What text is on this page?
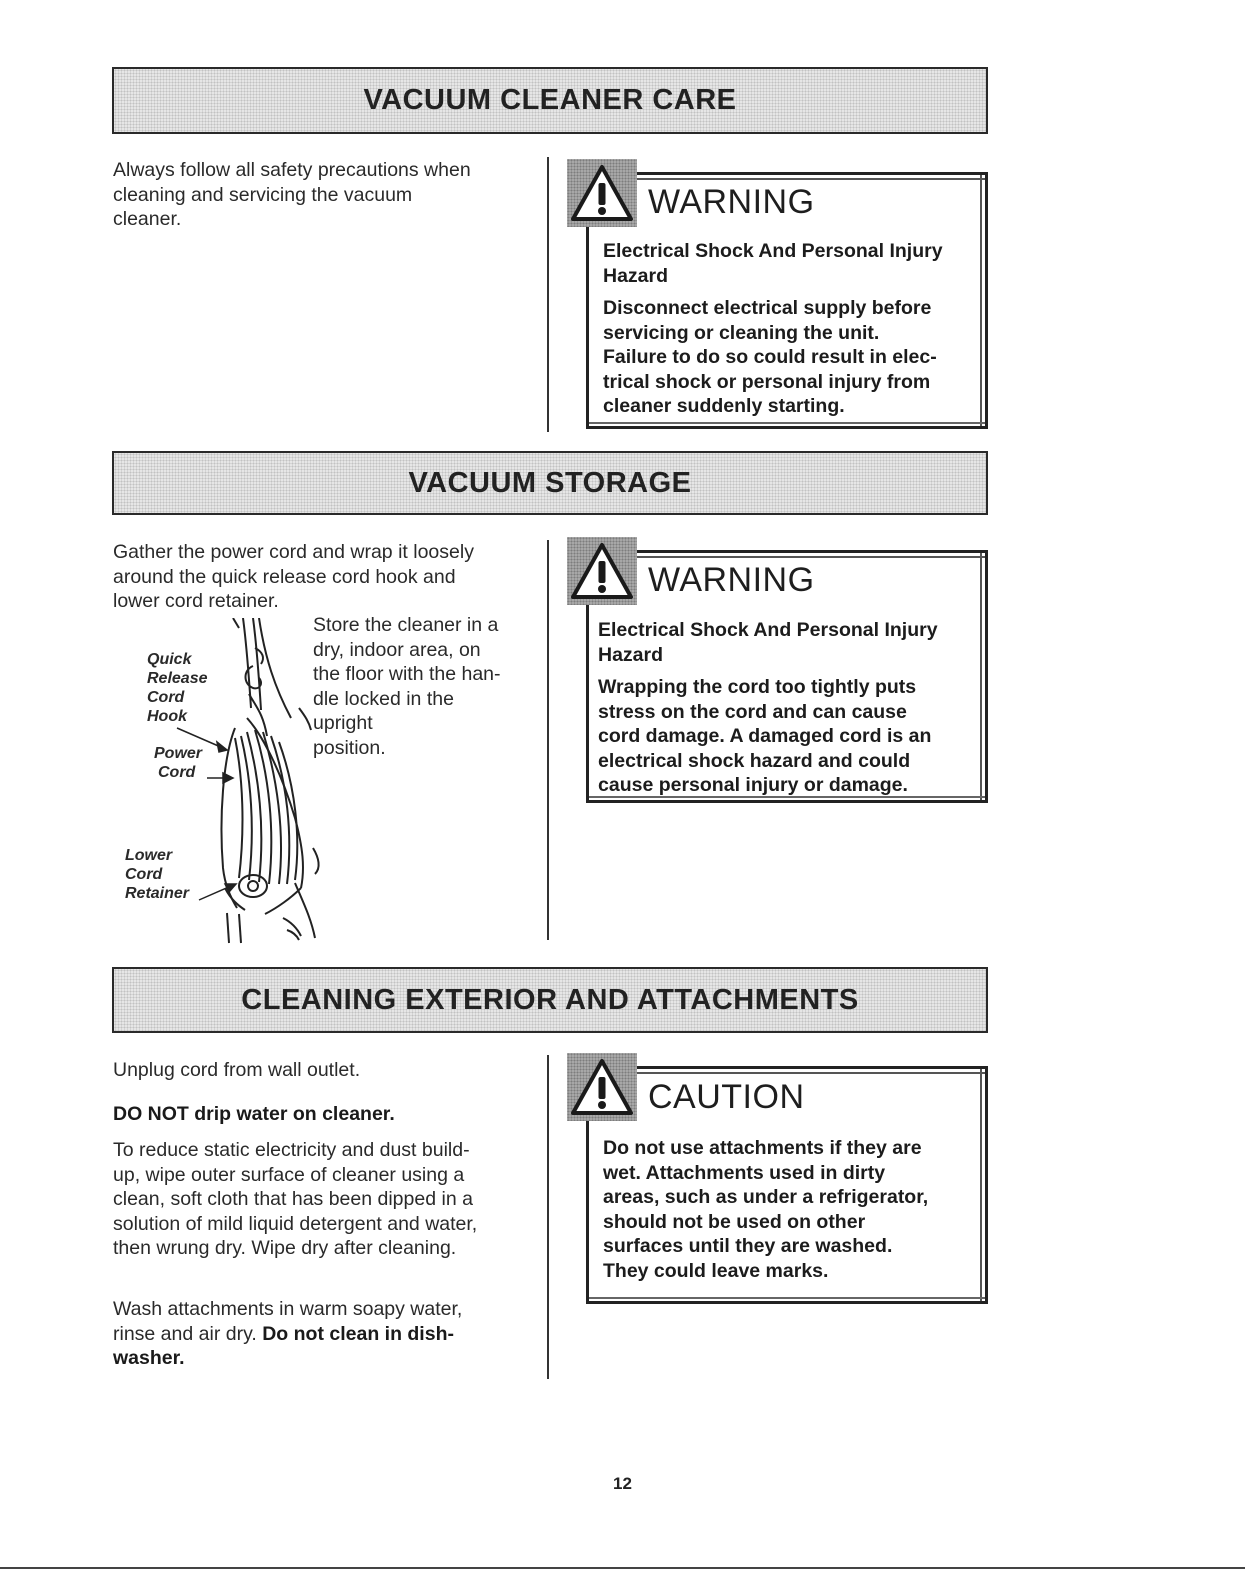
VACUUM CLEANER CARE
Always follow all safety precautions when
cleaning and servicing the vacuum
cleaner.	WARNING

Electrical Shock And Personal Injury

Hazard

Disconnect electrical supply before

servicing or cleaning the unit.

Failure to do so could result in elec-

trical shock or personal injury from

cleaner suddenly starting.

VACUUM STORAGE
Gather the power cord and wrap it loosely
around the quick release cord hook and
lower cord retainer.
Store the cleaner in a
dry, indoor area, on
the floor with the han-
dle locked in the
upright
position.
Quick
Release
Cord
Hook
Power
Cord
Lower
Cord
Retainer
WARNING

Electrical Shock And Personal Injury

Hazard

Wrapping the cord too tightly puts

stress on the cord and can cause

cord damage. A damaged cord is an

electrical shock hazard and could

cause personal injury or damage.

CLEANING EXTERIOR AND ATTACHMENTS
Unplug cord from wall outlet.
DO NOT drip water on cleaner.
To reduce static electricity and dust build-
up, wipe outer surface of cleaner using a
clean, soft cloth that has been dipped in a
solution of mild liquid detergent and water,
then wrung dry. Wipe dry after cleaning.
Wash attachments in warm soapy water,
rinse and air dry. Do not clean in dish-
washer.
CAUTION

Do not use attachments if they are

wet. Attachments used in dirty

areas, such as under a refrigerator,

should not be used on other

surfaces until they are washed.

They could leave marks.

12
